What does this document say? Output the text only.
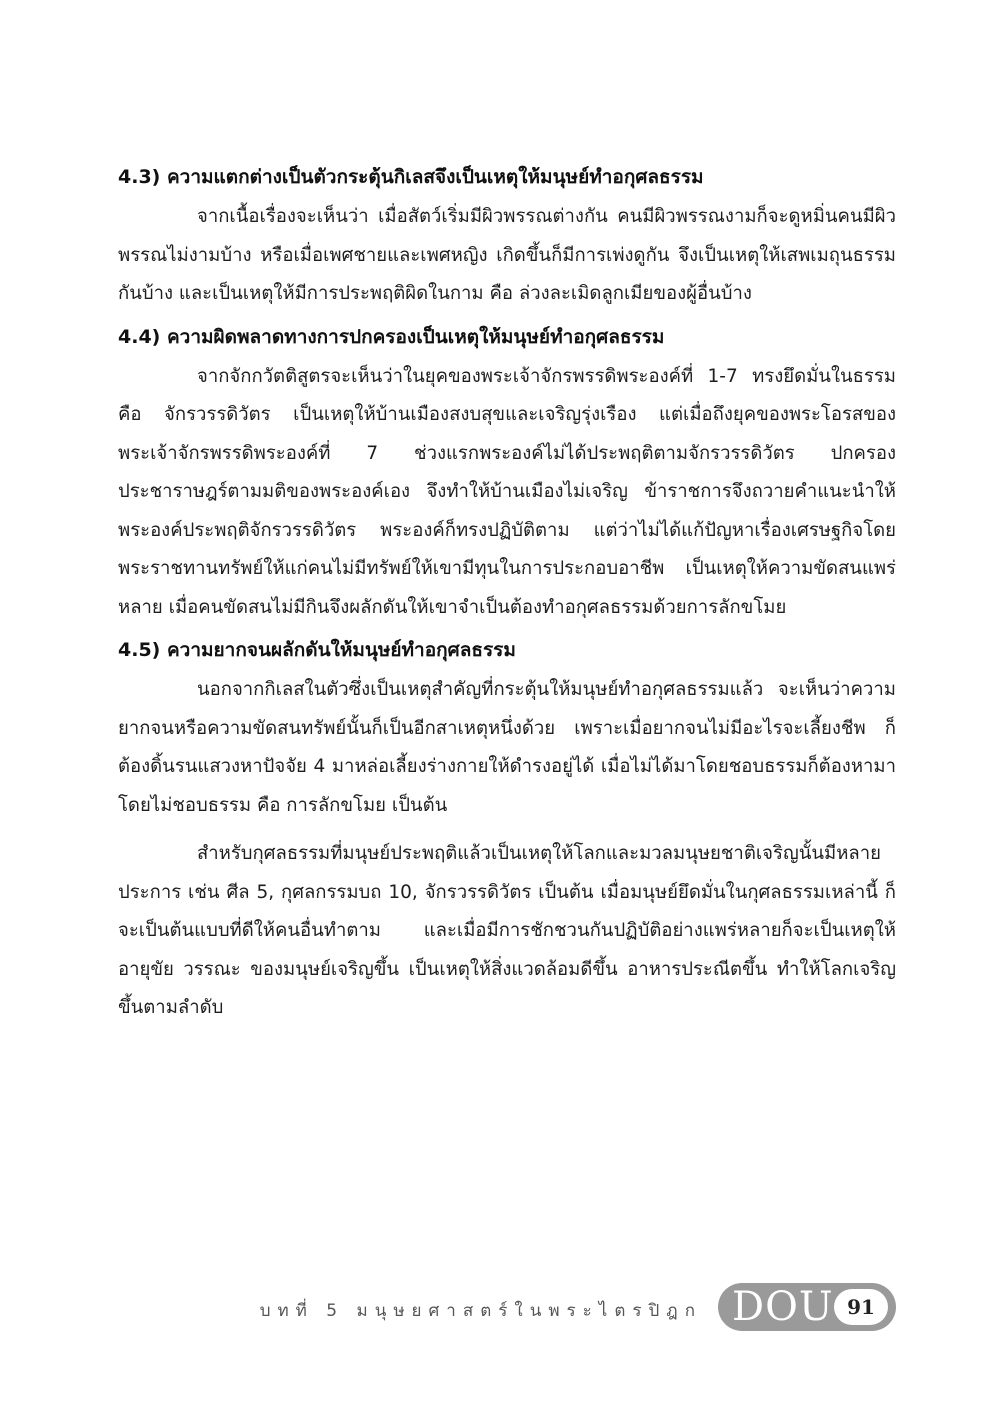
4.3) ความแตกต่างเป็นตัวกระตุ้นกิเลสจึงเป็นเหตุให้มนุษย์ทำอกุศลธรรม

จากเนื้อเรื่องจะเห็นว่า เมื่อสัตว์เริ่มมีผิวพรรณต่างกัน คนมีผิวพรรณงามก็จะดูหมิ่นคนมีผิวพรรณไม่งามบ้าง หรือเมื่อเพศชายและเพศหญิง เกิดขึ้นก็มีการเพ่งดูกัน จึงเป็นเหตุให้เสพเมถุนธรรมกันบ้าง และเป็นเหตุให้มีการประพฤติผิดในกาม คือ ล่วงละเมิดลูกเมียของผู้อื่นบ้าง

4.4) ความผิดพลาดทางการปกครองเป็นเหตุให้มนุษย์ทำอกุศลธรรม

จากจักกวัตติสูตรจะเห็นว่าในยุคของพระเจ้าจักรพรรดิพระองค์ที่ 1-7 ทรงยึดมั่นในธรรม คือ จักรวรรดิวัตร เป็นเหตุให้บ้านเมืองสงบสุขและเจริญรุ่งเรือง แต่เมื่อถึงยุคของพระโอรสของพระเจ้าจักรพรรดิพระองค์ที่ 7 ช่วงแรกพระองค์ไม่ได้ประพฤติตามจักรวรรดิวัตร ปกครองประชาราษฎร์ตามมติของพระองค์เอง จึงทำให้บ้านเมืองไม่เจริญ ข้าราชการจึงถวายคำแนะนำให้พระองค์ประพฤติจักรวรรดิวัตร พระองค์ก็ทรงปฏิบัติตาม แต่ว่าไม่ได้แก้ปัญหาเรื่องเศรษฐกิจโดยพระราชทานทรัพย์ให้แก่คนไม่มีทรัพย์ให้เขามีทุนในการประกอบอาชีพ เป็นเหตุให้ความขัดสนแพร่หลาย เมื่อคนขัดสนไม่มีกินจึงผลักดันให้เขาจำเป็นต้องทำอกุศลธรรมด้วยการลักขโมย

4.5) ความยากจนผลักดันให้มนุษย์ทำอกุศลธรรม

นอกจากกิเลสในตัวซึ่งเป็นเหตุสำคัญที่กระตุ้นให้มนุษย์ทำอกุศลธรรมแล้ว จะเห็นว่าความยากจนหรือความขัดสนทรัพย์นั้นก็เป็นอีกสาเหตุหนึ่งด้วย เพราะเมื่อยากจนไม่มีอะไรจะเลี้ยงชีพ ก็ต้องดิ้นรนแสวงหาปัจจัย 4 มาหล่อเลี้ยงร่างกายให้ดำรงอยู่ได้ เมื่อไม่ได้มาโดยชอบธรรมก็ต้องหามาโดยไม่ชอบธรรม คือ การลักขโมย เป็นต้น

สำหรับกุศลธรรมที่มนุษย์ประพฤติแล้วเป็นเหตุให้โลกและมวลมนุษยชาติเจริญนั้นมีหลายประการ เช่น ศีล 5, กุศลกรรมบถ 10, จักรวรรดิวัตร เป็นต้น เมื่อมนุษย์ยึดมั่นในกุศลธรรมเหล่านี้ ก็จะเป็นต้นแบบที่ดีให้คนอื่นทำตาม และเมื่อมีการชักชวนกันปฏิบัติอย่างแพร่หลายก็จะเป็นเหตุให้อายุขัย วรรณะ ของมนุษย์เจริญขึ้น เป็นเหตุให้สิ่งแวดล้อมดีขึ้น อาหารประณีตขึ้น ทำให้โลกเจริญขึ้นตามลำดับ

บทที่ 5 มนุษยศาสตร์ในพระไตรปิฎก DOU 91
